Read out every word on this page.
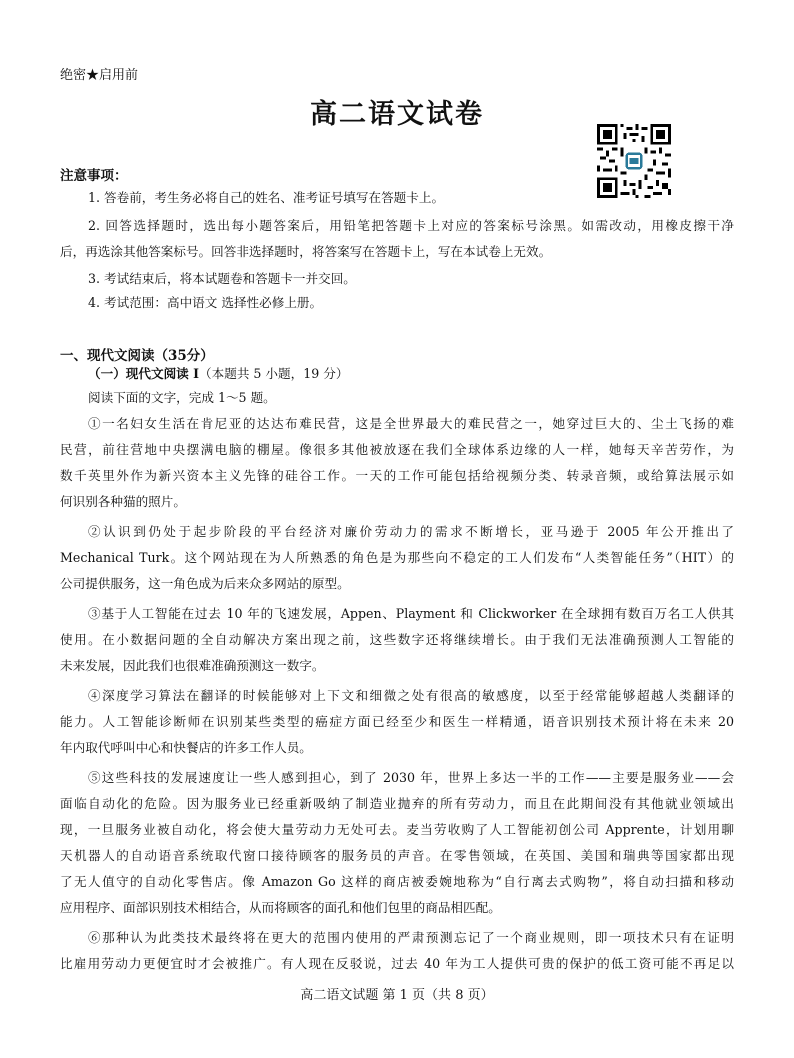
绝密★启用前
高二语文试卷
注意事项：
1. 答卷前，考生务必将自己的姓名、准考证号填写在答题卡上。
2. 回答选择题时，选出每小题答案后，用铅笔把答题卡上对应的答案标号涂黑。如需改动，用橡皮擦干净
后，再选涂其他答案标号。回答非选择题时，将答案写在答题卡上，写在本试卷上无效。
3. 考试结束后，将本试题卷和答题卡一并交回。
4. 考试范围：高中语文 选择性必修上册。
一、现代文阅读（35分）
（一）现代文阅读 I（本题共 5 小题，19 分）
阅读下面的文字，完成 1～5 题。
①一名妇女生活在肯尼亚的达达布难民营，这是全世界最大的难民营之一，她穿过巨大的、尘土飞扬的难
民营，前往营地中央摆满电脑的棚屋。像很多其他被放逐在我们全球体系边缘的人一样，她每天辛苦劳作，为
数千英里外作为新兴资本主义先锋的硅谷工作。一天的工作可能包括给视频分类、转录音频，或给算法展示如
何识别各种猫的照片。
②认识到仍处于起步阶段的平台经济对廉价劳动力的需求不断增长，亚马逊于 2005 年公开推出了
Mechanical Turk。这个网站现在为人所熟悉的角色是为那些向不稳定的工人们发布“人类智能任务”（HIT）的
公司提供服务，这一角色成为后来众多网站的原型。
③基于人工智能在过去 10 年的飞速发展，Appen、Playment 和 Clickworker 在全球拥有数百万名工人供其
使用。在小数据问题的全自动解决方案出现之前，这些数字还将继续增长。由于我们无法准确预测人工智能的
未来发展，因此我们也很难准确预测这一数字。
④深度学习算法在翻译的时候能够对上下文和细微之处有很高的敏感度，以至于经常能够超越人类翻译的
能力。人工智能诊断师在识别某些类型的癌症方面已经至少和医生一样精通，语音识别技术预计将在未来 20
年内取代呼叫中心和快餐店的许多工作人员。
⑤这些科技的发展速度让一些人感到担心，到了 2030 年，世界上多达一半的工作——主要是服务业——会
面临自动化的危险。因为服务业已经重新吸纳了制造业抛弃的所有劳动力，而且在此期间没有其他就业领域出
现，一旦服务业被自动化，将会使大量劳动力无处可去。麦当劳收购了人工智能初创公司 Apprente，计划用聊
天机器人的自动语音系统取代窗口接待顾客的服务员的声音。在零售领域，在英国、美国和瑞典等国家都出现
了无人值守的自动化零售店。像 Amazon Go 这样的商店被委婉地称为“自行离去式购物”，将自动扫描和移动
应用程序、面部识别技术相结合，从而将顾客的面孔和他们包里的商品相匹配。
⑥那种认为此类技术最终将在更大的范围内使用的严肃预测忘记了一个商业规则，即一项技术只有在证明
比雇用劳动力更便宜时才会被推广。有人现在反驳说，过去 40 年为工人提供可贵的保护的低工资可能不再足以
高二语文试题 第 1 页（共 8 页）
